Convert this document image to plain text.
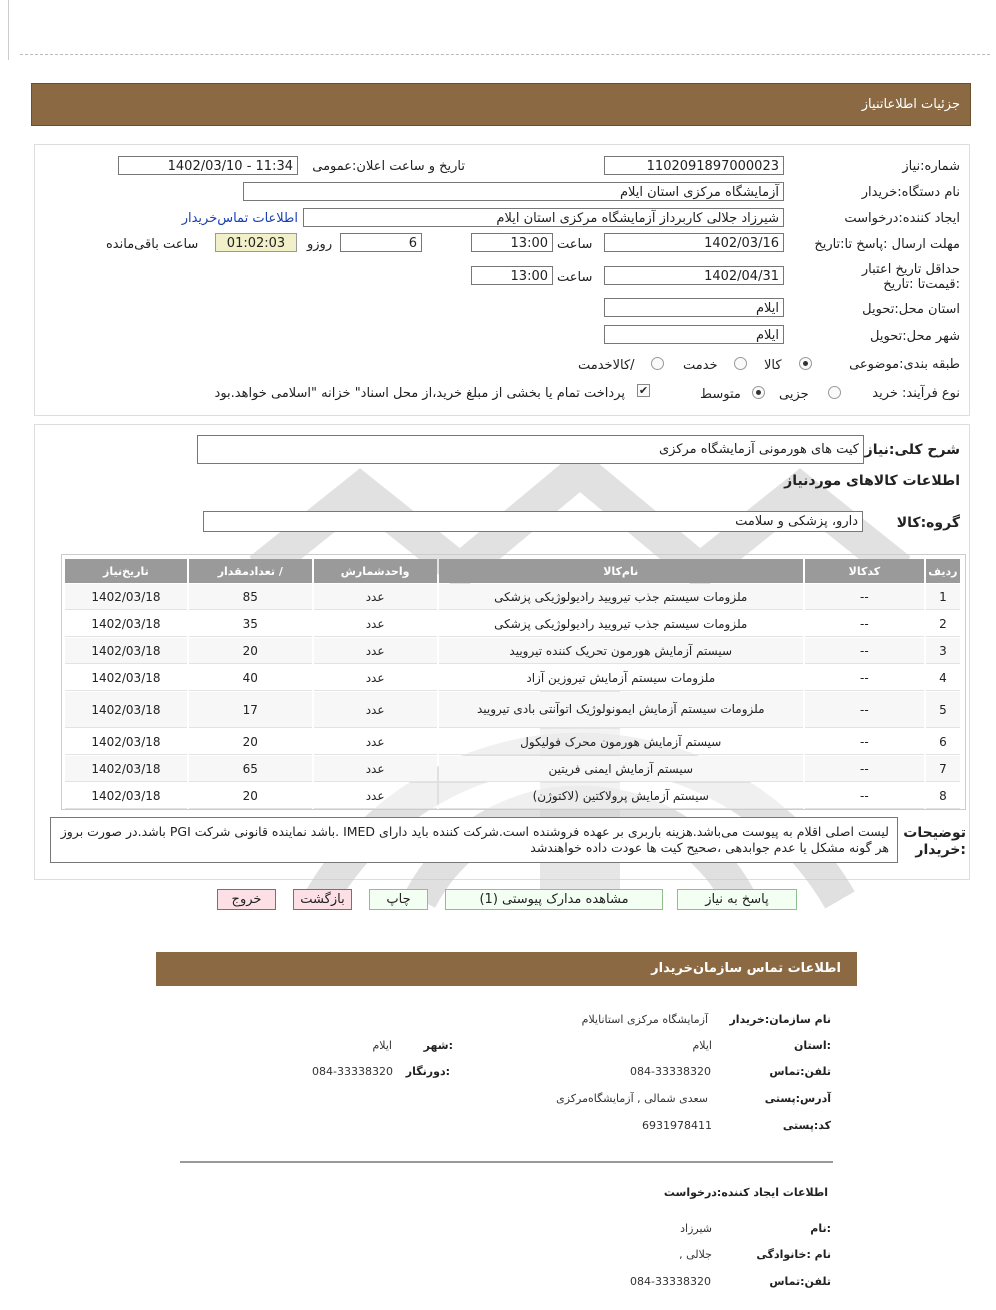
جزئیات اطلاعاتنیاز
شماره:نیاز
1102091897000023
تاریخ و ساعت اعلان:عمومی
1402/03/10 - 11:34
نام دستگاه:خریدار
آزمایشگاه مرکزی استان ایلام
ایجاد کننده:درخواست
شیرزاد جلالی کاربرداز آزمایشگاه مرکزی استان ایلام
اطلاعات تماس‌خریدار
مهلت ارسال :پاسخ تا:تاریخ
1402/03/16
ساعت
13:00
6
روزو
01:02:03
ساعت باقی‌مانده
حداقل تاریخ اعتبار :قیمت‌تا :تاریخ
1402/04/31
ساعت
13:00
استان محل:تحویل
ایلام
شهر محل:تحویل
ایلام
طبقه بندی:موضوعی
کالا
خدمت
/کالاخدمت
نوع فرآیند: خرید
جزیی
متوسط
✔
پرداخت تمام یا بخشی از مبلغ خرید،از محل اسناد" خزانه "اسلامی خواهد.بود
شرح کلی:نیاز
کیت های هورمونی آزمایشگاه مرکزی
اطلاعات کالاهای موردنیاز
گروه:کالا
دارو، پزشکی و سلامت
ردیف	کدکالا	نام‌کالا	واحدشمارش	/ تعدادمقدار	تاریخ‌نیاز
1	--	ملزومات سیستم جذب تیرویید رادیولوژیکی پزشکی	عدد	85	1402/03/18
2	--	ملزومات سیستم جذب تیرویید رادیولوژیکی پزشکی	عدد	35	1402/03/18
3	--	سیستم آزمایش هورمون تحریک کننده تیرویید	عدد	20	1402/03/18
4	--	ملزومات سیستم آزمایش تیروزین آزاد	عدد	40	1402/03/18
5	--	ملزومات سیستم آزمایش ایمونولوژیک اتوآنتی بادی تیرویید	عدد	17	1402/03/18
6	--	سیستم آزمایش هورمون محرک فولیکول	عدد	20	1402/03/18
7	--	سیستم آزمایش ایمنی فریتین	عدد	65	1402/03/18
8	--	سیستم آزمایش پرولاکتین (لاکتوژن)	عدد	20	1402/03/18
توضیحات :خریدار
لیست اصلی اقلام به پیوست می‌باشد.هزینه باربری بر عهده فروشنده است.شرکت کننده باید دارای IMED .باشد نماینده قانونی شرکت PGI باشد.در صورت بروز هر گونه مشکل یا عدم جوابدهی ،صحیح کیت ها عودت داده خواهندشد
پاسخ به نیاز
مشاهده مدارک پیوستی (1)
چاپ
بازگشت
خروج
اطلاعات تماس سازمان‌خریدار
نام سازمان:خریدار
آزمایشگاه مرکزی استانایلام
:استان
ایلام
:شهر
ایلام
تلفن:تماس
084-33338320
:دورنگار
084-33338320
آدرس:پستی
سعدی شمالی , آزمایشگاه‌مرکزی
کد:پستی
6931978411
اطلاعات ایجاد کننده:درخواست
:نام
شیرزاد
نام :خانوادگی
جلالی ,
تلفن:تماس
084-33338320
